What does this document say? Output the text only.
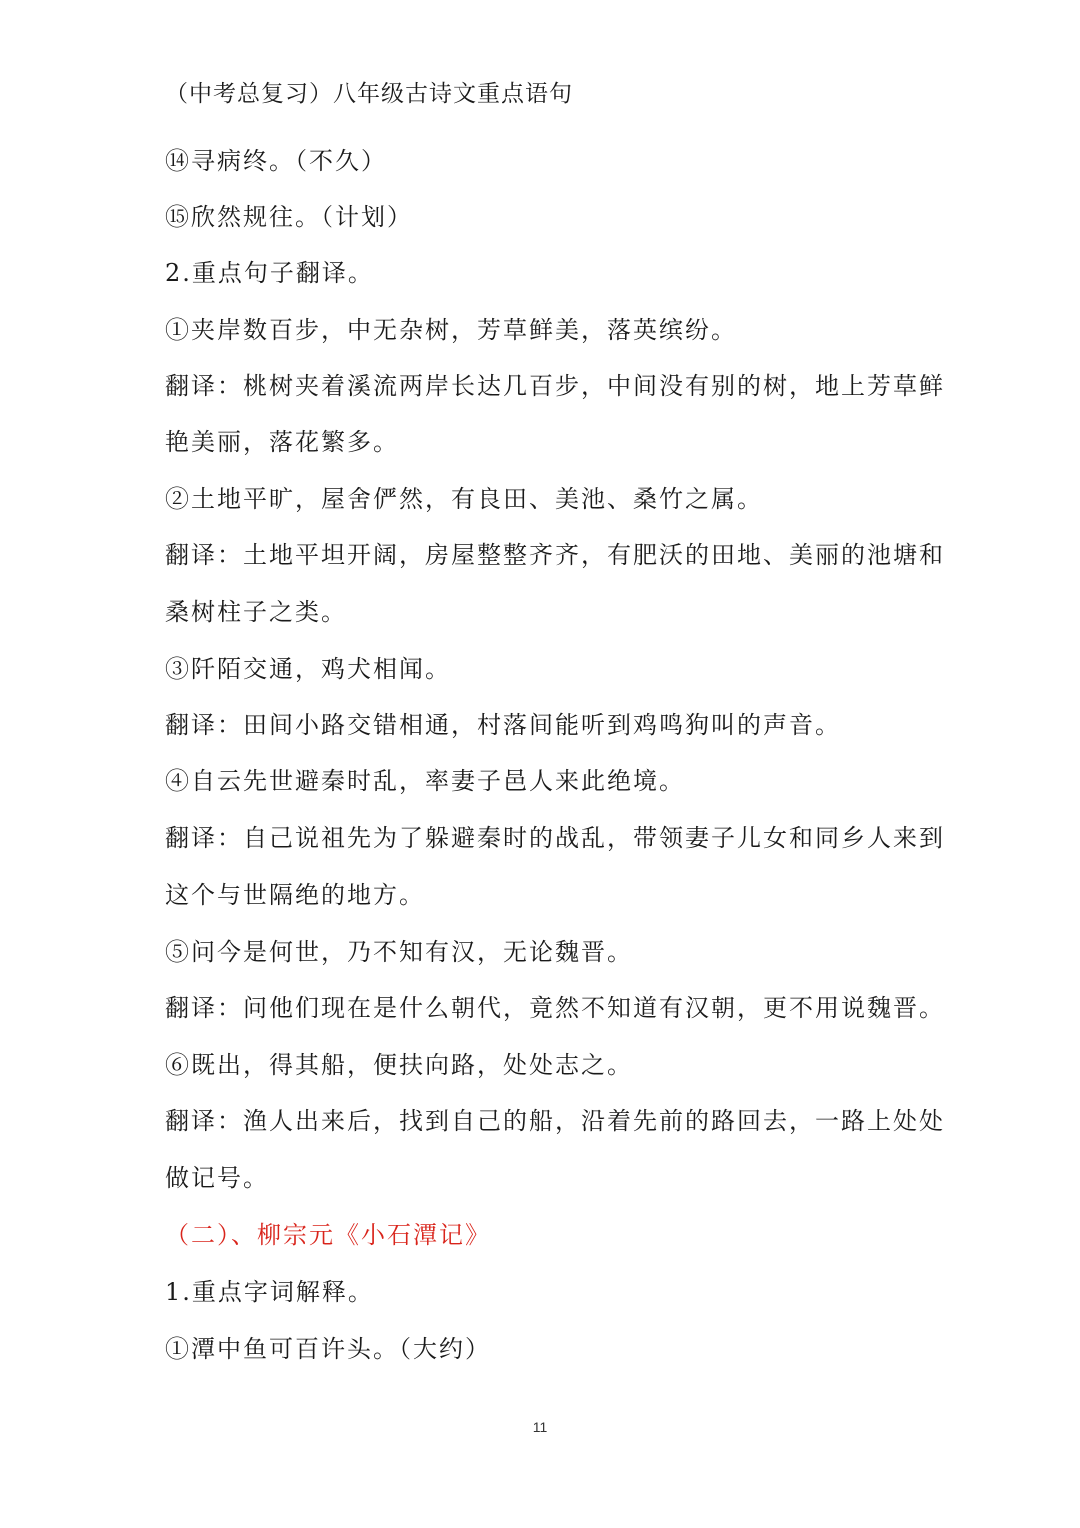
（中考总复习）八年级古诗文重点语句
⑭寻病终。（不久）
⑮欣然规往。（计划）
2.重点句子翻译。
①夹岸数百步，中无杂树，芳草鲜美，落英缤纷。
翻译：桃树夹着溪流两岸长达几百步，中间没有别的树，地上芳草鲜
艳美丽，落花繁多。
②土地平旷，屋舍俨然，有良田、美池、桑竹之属。
翻译：土地平坦开阔，房屋整整齐齐，有肥沃的田地、美丽的池塘和
桑树柱子之类。
③阡陌交通，鸡犬相闻。
翻译：田间小路交错相通，村落间能听到鸡鸣狗叫的声音。
④自云先世避秦时乱，率妻子邑人来此绝境。
翻译：自己说祖先为了躲避秦时的战乱，带领妻子儿女和同乡人来到
这个与世隔绝的地方。
⑤问今是何世，乃不知有汉，无论魏晋。
翻译：问他们现在是什么朝代，竟然不知道有汉朝，更不用说魏晋。
⑥既出，得其船，便扶向路，处处志之。
翻译：渔人出来后，找到自己的船，沿着先前的路回去，一路上处处
做记号。
（二）、柳宗元《小石潭记》
1.重点字词解释。
①潭中鱼可百许头。（大约）
11
